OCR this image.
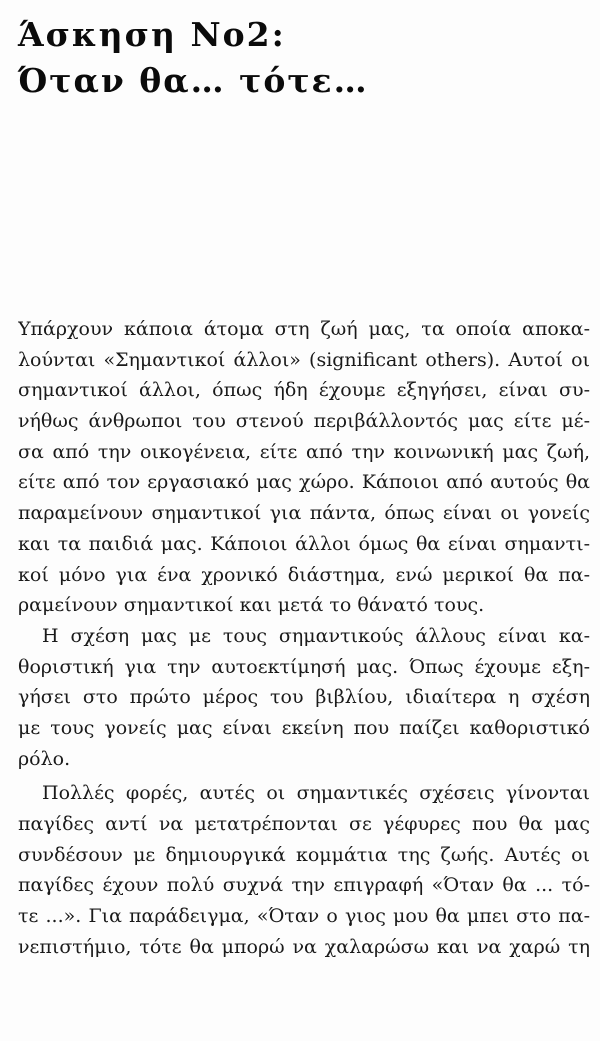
Άσκηση Νο2:
Όταν θα… τότε…
Υπάρχουν κάποια άτομα στη ζωή μας, τα οποία αποκα-
λούνται «Σημαντικοί άλλοι» (significant others). Αυτοί οι
σημαντικοί άλλοι, όπως ήδη έχουμε εξηγήσει, είναι συ-
νήθως άνθρωποι του στενού περιβάλλοντός μας είτε μέ-
σα από την οικογένεια, είτε από την κοινωνική μας ζωή,
είτε από τον εργασιακό μας χώρο. Κάποιοι από αυτούς θα
παραμείνουν σημαντικοί για πάντα, όπως είναι οι γονείς
και τα παιδιά μας. Κάποιοι άλλοι όμως θα είναι σημαντι-
κοί μόνο για ένα χρονικό διάστημα, ενώ μερικοί θα πα-
ραμείνουν σημαντικοί και μετά το θάνατό τους.
Η σχέση μας με τους σημαντικούς άλλους είναι κα-
θοριστική για την αυτοεκτίμησή μας. Όπως έχουμε εξη-
γήσει στο πρώτο μέρος του βιβλίου, ιδιαίτερα η σχέση
με τους γονείς μας είναι εκείνη που παίζει καθοριστικό
ρόλο.
Πολλές φορές, αυτές οι σημαντικές σχέσεις γίνονται
παγίδες αντί να μετατρέπονται σε γέφυρες που θα μας
συνδέσουν με δημιουργικά κομμάτια της ζωής. Αυτές οι
παγίδες έχουν πολύ συχνά την επιγραφή «Όταν θα ... τό-
τε ...». Για παράδειγμα, «Όταν ο γιος μου θα μπει στο πα-
νεπιστήμιο, τότε θα μπορώ να χαλαρώσω και να χαρώ τη
